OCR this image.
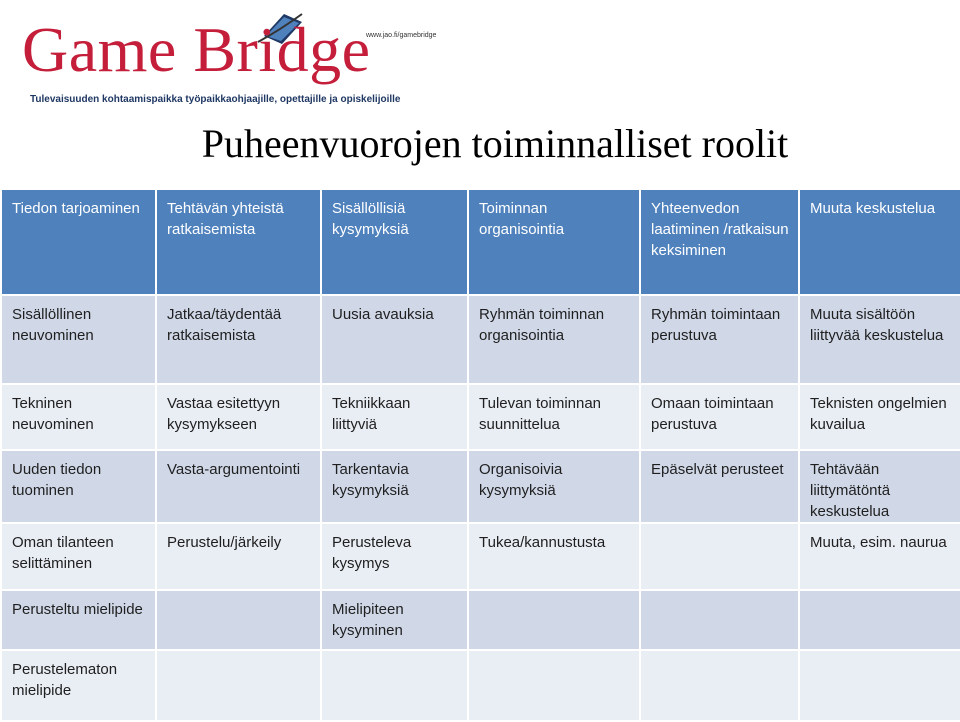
Game Bridge
www.jao.fi/gamebridge
Tulevaisuuden kohtaamispaikka työpaikkaohjaajille, opettajille ja opiskelijoille
Puheenvuorojen toiminnalliset roolit
Tiedon tarjoaminen	Tehtävän yhteistä ratkaisemista	Sisällöllisiä kysymyksiä	Toiminnan organisointia	Yhteenvedon laatiminen /ratkaisun keksiminen	Muuta keskustelua
Sisällöllinen neuvominen	Jatkaa/täydentää ratkaisemista	Uusia avauksia	Ryhmän toiminnan organisointia	Ryhmän toimintaan perustuva	Muuta sisältöön liittyvää keskustelua
Tekninen neuvominen	Vastaa esitettyyn kysymykseen	Tekniikkaan liittyviä	Tulevan toiminnan suunnittelua	Omaan toimintaan perustuva	Teknisten ongelmien kuvailua
Uuden tiedon tuominen	Vasta-argumentointi	Tarkentavia kysymyksiä	Organisoivia kysymyksiä	Epäselvät perusteet	Tehtävään liittymätöntä keskustelua
Oman tilanteen selittäminen	Perustelu/järkeily	Perusteleva kysymys	Tukea/kannustusta		Muuta, esim. naurua
Perusteltu mielipide		Mielipiteen kysyminen			
Perustelematon mielipide					
